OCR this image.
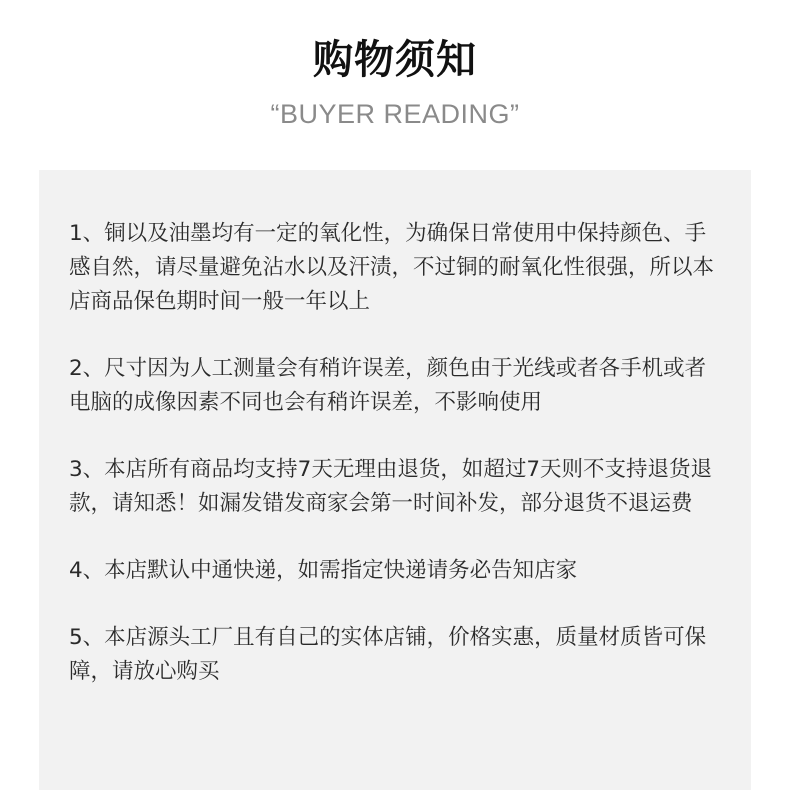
购物须知
“BUYER READING”

1、铜以及油墨均有一定的氧化性，为确保日常使用中保持颜色、手感自然，请尽量避免沾水以及汗渍，不过铜的耐氧化性很强，所以本店商品保色期时间一般一年以上

2、尺寸因为人工测量会有稍许误差，颜色由于光线或者各手机或者电脑的成像因素不同也会有稍许误差，不影响使用

3、本店所有商品均支持7天无理由退货，如超过7天则不支持退货退款，请知悉！如漏发错发商家会第一时间补发，部分退货不退运费

4、本店默认中通快递，如需指定快递请务必告知店家

5、本店源头工厂且有自己的实体店铺，价格实惠，质量材质皆可保障，请放心购买
